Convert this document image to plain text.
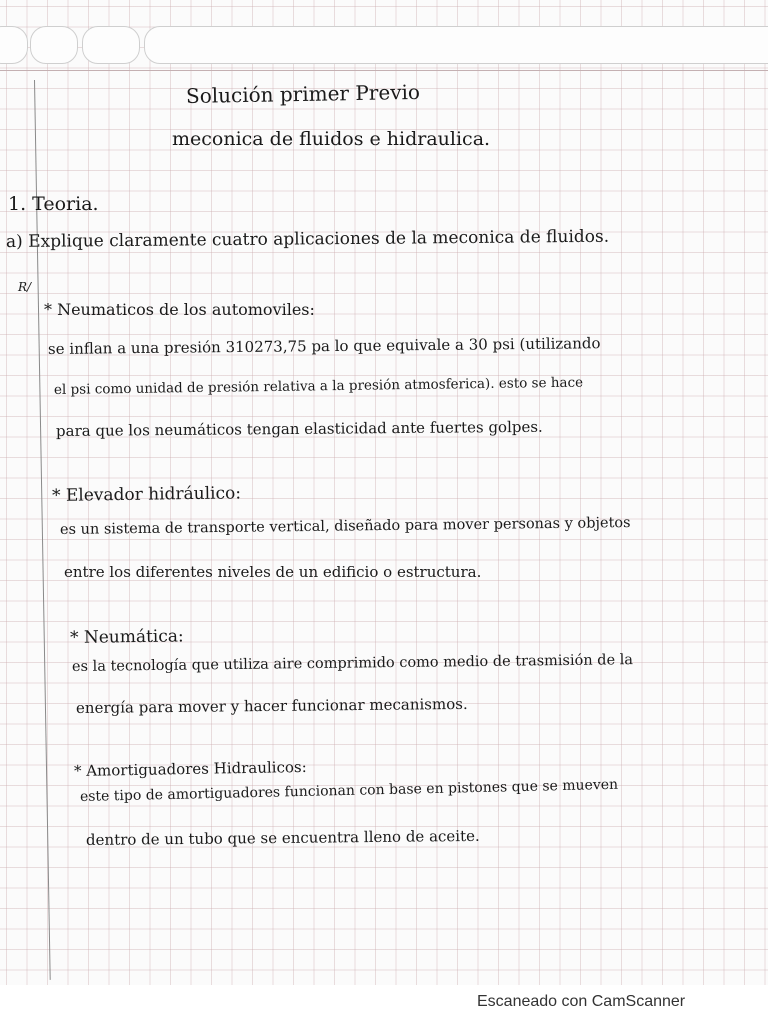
Solución primer Previo

meconica de fluidos e hidraulica.

1. Teoria.

a) Explique claramente cuatro aplicaciones de la meconica de fluidos.

R/

* Neumaticos de los automoviles:

se inflan a una presión 310273,75 pa lo que equivale a 30 psi (utilizando

el psi como unidad de presión relativa a la presión atmosferica). esto se hace

para que los neumáticos tengan elasticidad ante fuertes golpes.

* Elevador hidráulico:

es un sistema de transporte vertical, diseñado para mover personas y objetos

entre los diferentes niveles de un edificio o estructura.

* Neumática:

es la tecnología que utiliza aire comprimido como medio de trasmisión de la

energía para mover y hacer funcionar mecanismos.

* Amortiguadores Hidraulicos:

este tipo de amortiguadores funcionan con base en pistones que se mueven

dentro de un tubo que se encuentra lleno de aceite.

Escaneado con CamScanner
